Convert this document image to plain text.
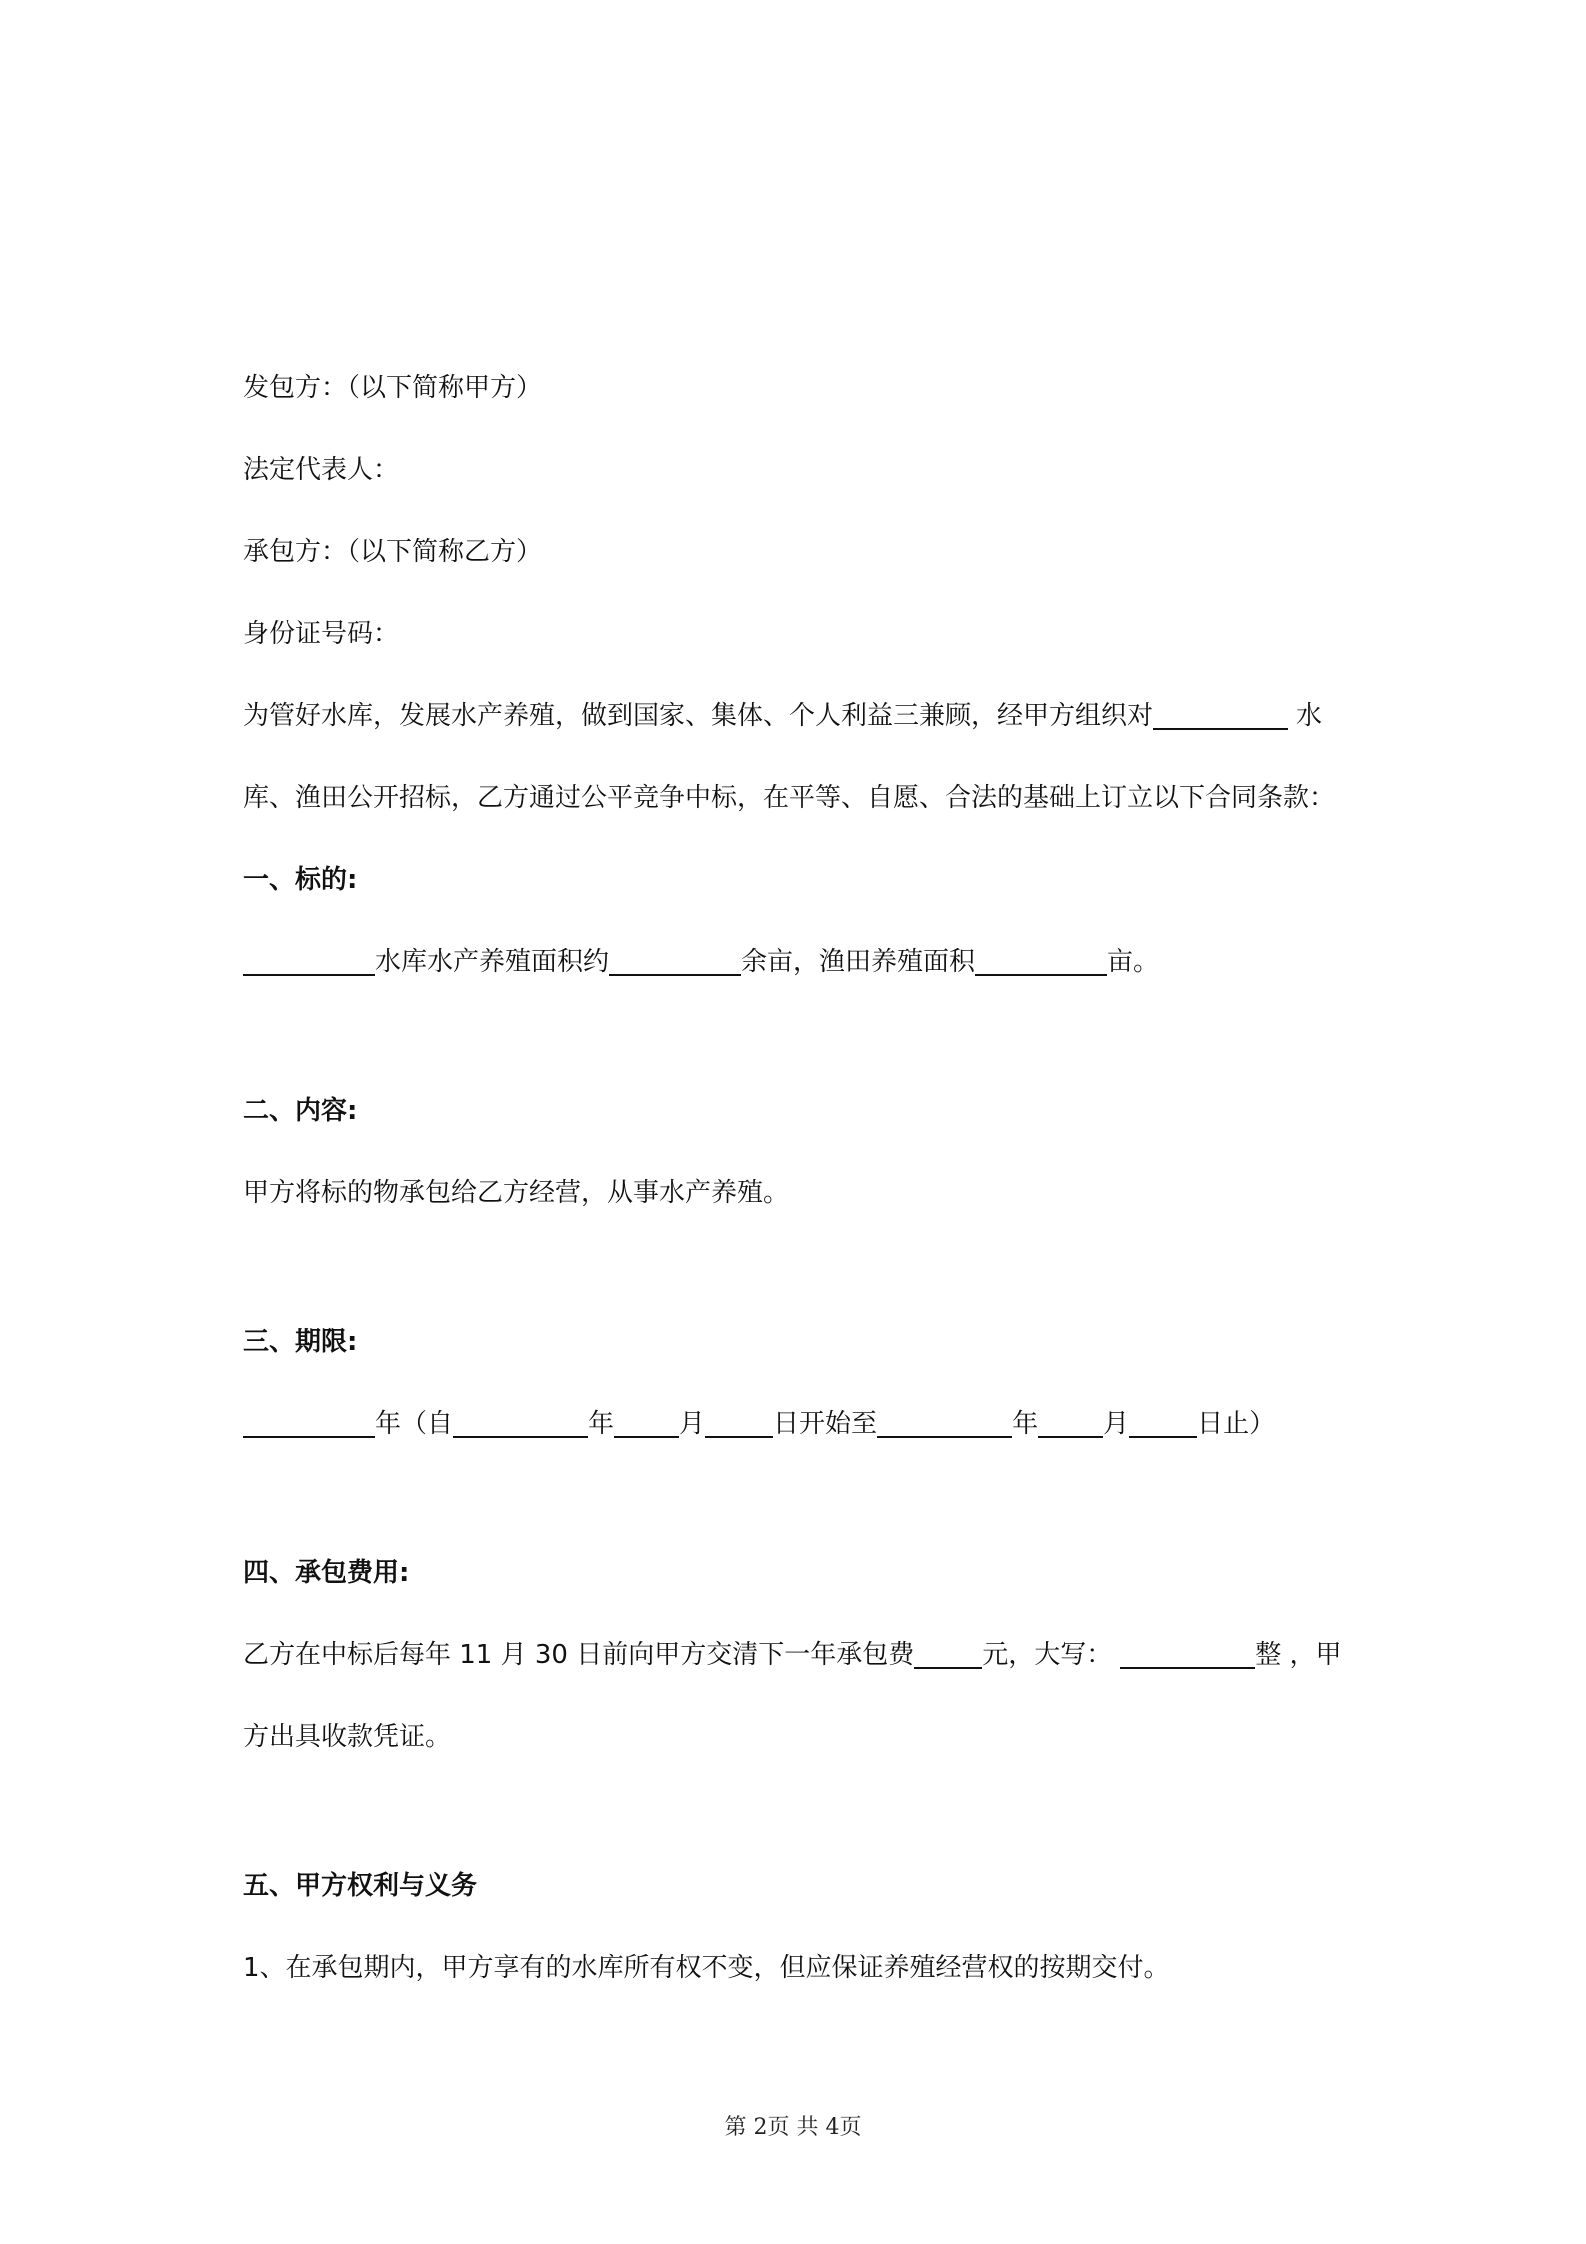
发包方：（以下简称甲方）
法定代表人：
承包方：（以下简称乙方）
身份证号码：
为管好水库，发展水产养殖，做到国家、集体、个人利益三兼顾，经甲方组织对	水
库、渔田公开招标，乙方通过公平竞争中标，在平等、自愿、合法的基础上订立以下合同条款：
一、标的:
水库水产养殖面积约	余亩，渔田养殖面积	亩。
二、内容:
甲方将标的物承包给乙方经营，从事水产养殖。
三、期限:
年（自	年	月	日开始至	年	月	日止）
四、承包费用:
乙方在中标后每年 11 月 30 日前向甲方交清下一年承包费	元，大写：	整 ，甲
方出具收款凭证。
五、甲方权利与义务
1、在承包期内，甲方享有的水库所有权不变，但应保证养殖经营权的按期交付。
第 2页 共 4页
